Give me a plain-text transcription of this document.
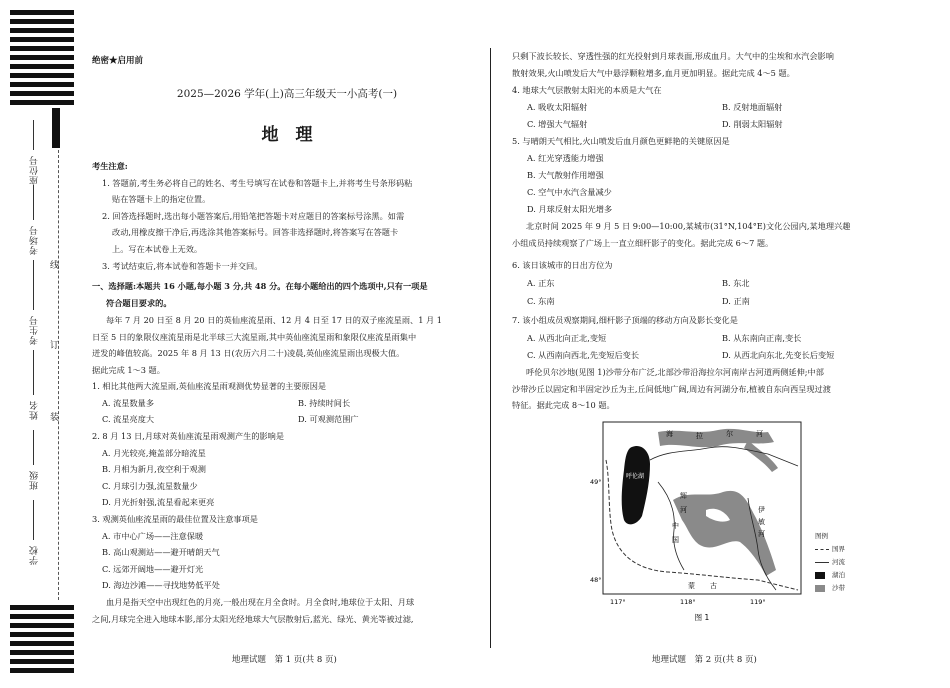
座位号
考场号
考生号
姓名
班级
学校
线
订
装
绝密★启用前
2025—2026 学年(上)高三年级天一小高考(一)
地　理
考生注意:
1. 答题前,考生务必将自己的姓名、考生号填写在试卷和答题卡上,并将考生号条形码粘
贴在答题卡上的指定位置。
2. 回答选择题时,选出每小题答案后,用铅笔把答题卡对应题目的答案标号涂黑。如需
改动,用橡皮擦干净后,再选涂其他答案标号。回答非选择题时,将答案写在答题卡
上。写在本试卷上无效。
3. 考试结束后,将本试卷和答题卡一并交回。
一、选择题:本题共 16 小题,每小题 3 分,共 48 分。在每小题给出的四个选项中,只有一项是
符合题目要求的。
每年 7 月 20 日至 8 月 20 日的英仙座流星雨、12 月 4 日至 17 日的双子座流星雨、1 月 1
日至 5 日的象限仪座流星雨是北半球三大流星雨,其中英仙座流星雨和象限仪座流星雨集中
迸发的峰值较高。2025 年 8 月 13 日(农历六月二十)凌晨,英仙座流星雨出现极大值。
据此完成 1～3 题。
1. 相比其他两大流星雨,英仙座流星雨观测优势显著的主要原因是
A. 流星数量多	B. 持续时间长
C. 流星亮度大	D. 可观测范围广
2. 8 月 13 日,月球对英仙座流星雨观测产生的影响是
A. 月光较亮,掩盖部分暗流星
B. 月相为新月,夜空利于观测
C. 月球引力强,流星数量少
D. 月光折射强,流星看起来更亮
3. 观测英仙座流星雨的最佳位置及注意事项是
A. 市中心广场——注意保暖
B. 高山观测站——避开晴朗天气
C. 远郊开阔地——避开灯光
D. 海边沙滩——寻找地势低平处
血月是指天空中出现红色的月亮,一般出现在月全食时。月全食时,地球位于太阳、月球
之间,月球完全进入地球本影,部分太阳光经地球大气层散射后,蓝光、绿光、黄光等被过滤,
地理试题　第 1 页(共 8 页)
只剩下波长较长、穿透性强的红光投射到月球表面,形成血月。大气中的尘埃和水汽会影响
散射效果,火山喷发后大气中悬浮颗粒增多,血月更加明显。据此完成 4～5 题。
4. 地球大气层散射太阳光的本质是大气在
A. 吸收太阳辐射	B. 反射地面辐射
C. 增强大气辐射	D. 削弱太阳辐射
5. 与晴朗天气相比,火山喷发后血月颜色更鲜艳的关键原因是
A. 红光穿透能力增强
B. 大气散射作用增强
C. 空气中水汽含量减少
D. 月球反射太阳光增多
北京时间 2025 年 9 月 5 日 9:00—10:00,某城市(31°N,104°E)文化公园内,某地理兴趣
小组成员持续观察了广场上一直立细杆影子的变化。据此完成 6～7 题。
6. 该日该城市的日出方位为
A. 正东	B. 东北
C. 东南	D. 正南
7. 该小组成员观察期间,细杆影子顶端的移动方向及影长变化是
A. 从西北向正北,变短	B. 从东南向正南,变长
C. 从西南向西北,先变短后变长	D. 从西北向东北,先变长后变短
呼伦贝尔沙地(见图 1)沙带分布广泛,北部沙带沿海拉尔河南岸古河道两侧延伸;中部
沙带沙丘以固定和半固定沙丘为主,丘间低地广阔,周边有河湖分布,植被自东向西呈现过渡
特征。据此完成 8～10 题。
海	拉	尔	河
辉
河	伊
敏
河
蒙 古
中
国
呼伦湖
49°
48°
117°	118°	119°
图 1
图例
国界
河流
湖泊
沙带
地理试题　第 2 页(共 8 页)
